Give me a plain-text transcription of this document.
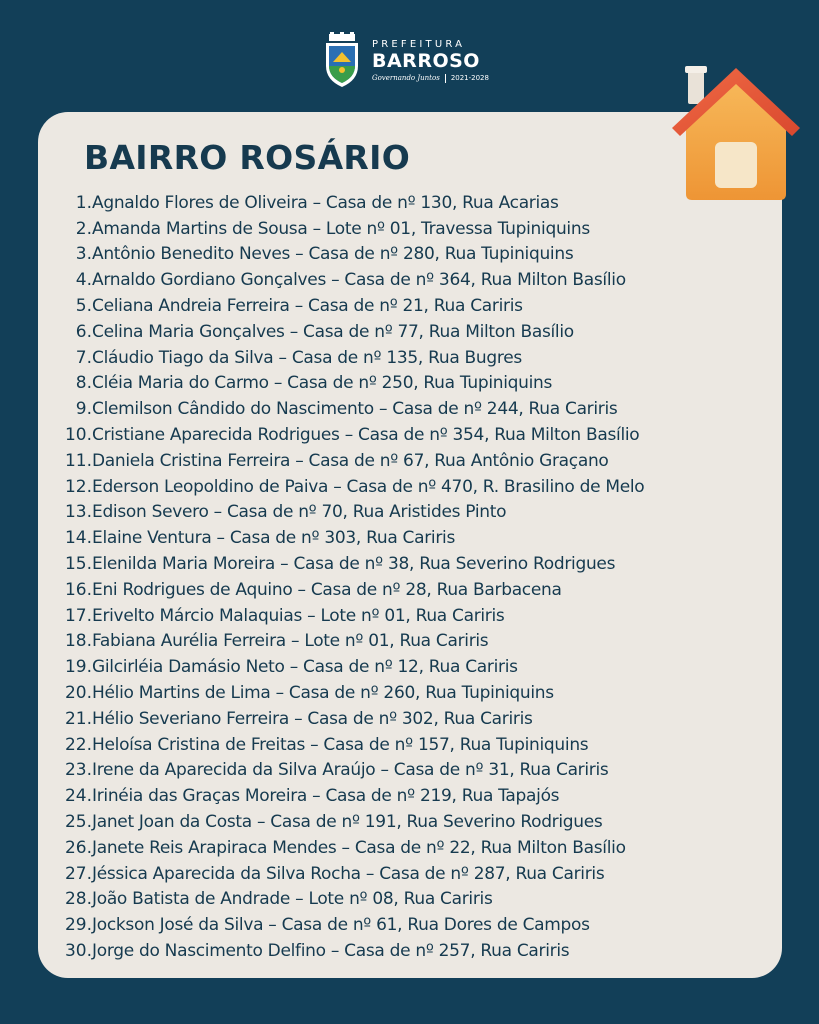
PREFEITURA
BARROSO
Governando Juntos 2021-2028
BAIRRO ROSÁRIO
1. Agnaldo Flores de Oliveira – Casa de nº 130, Rua Acarias
2. Amanda Martins de Sousa – Lote nº 01, Travessa Tupiniquins
3. Antônio Benedito Neves – Casa de nº 280, Rua Tupiniquins
4. Arnaldo Gordiano Gonçalves – Casa de nº 364, Rua Milton Basílio
5. Celiana Andreia Ferreira – Casa de nº 21, Rua Cariris
6. Celina Maria Gonçalves – Casa de nº 77, Rua Milton Basílio
7. Cláudio Tiago da Silva – Casa de nº 135, Rua Bugres
8. Cléia Maria do Carmo – Casa de nº 250, Rua Tupiniquins
9. Clemilson Cândido do Nascimento – Casa de nº 244, Rua Cariris
10. Cristiane Aparecida Rodrigues – Casa de nº 354, Rua Milton Basílio
11. Daniela Cristina Ferreira – Casa de nº 67, Rua Antônio Graçano
12. Ederson Leopoldino de Paiva – Casa de nº 470, R. Brasilino de Melo
13. Edison Severo – Casa de nº 70, Rua Aristides Pinto
14. Elaine Ventura – Casa de nº 303, Rua Cariris
15. Elenilda Maria Moreira – Casa de nº 38, Rua Severino Rodrigues
16. Eni Rodrigues de Aquino – Casa de nº 28, Rua Barbacena
17. Erivelto Márcio Malaquias – Lote nº 01, Rua Cariris
18. Fabiana Aurélia Ferreira – Lote nº 01, Rua Cariris
19. Gilcirléia Damásio Neto – Casa de nº 12, Rua Cariris
20. Hélio Martins de Lima – Casa de nº 260, Rua Tupiniquins
21. Hélio Severiano Ferreira – Casa de nº 302, Rua Cariris
22. Heloísa Cristina de Freitas – Casa de nº 157, Rua Tupiniquins
23. Irene da Aparecida da Silva Araújo – Casa de nº 31, Rua Cariris
24. Irinéia das Graças Moreira – Casa de nº 219, Rua Tapajós
25. Janet Joan da Costa – Casa de nº 191, Rua Severino Rodrigues
26. Janete Reis Arapiraca Mendes – Casa de nº 22, Rua Milton Basílio
27. Jéssica Aparecida da Silva Rocha – Casa de nº 287, Rua Cariris
28. João Batista de Andrade – Lote nº 08, Rua Cariris
29. Jockson José da Silva – Casa de nº 61, Rua Dores de Campos
30. Jorge do Nascimento Delfino – Casa de nº 257, Rua Cariris
